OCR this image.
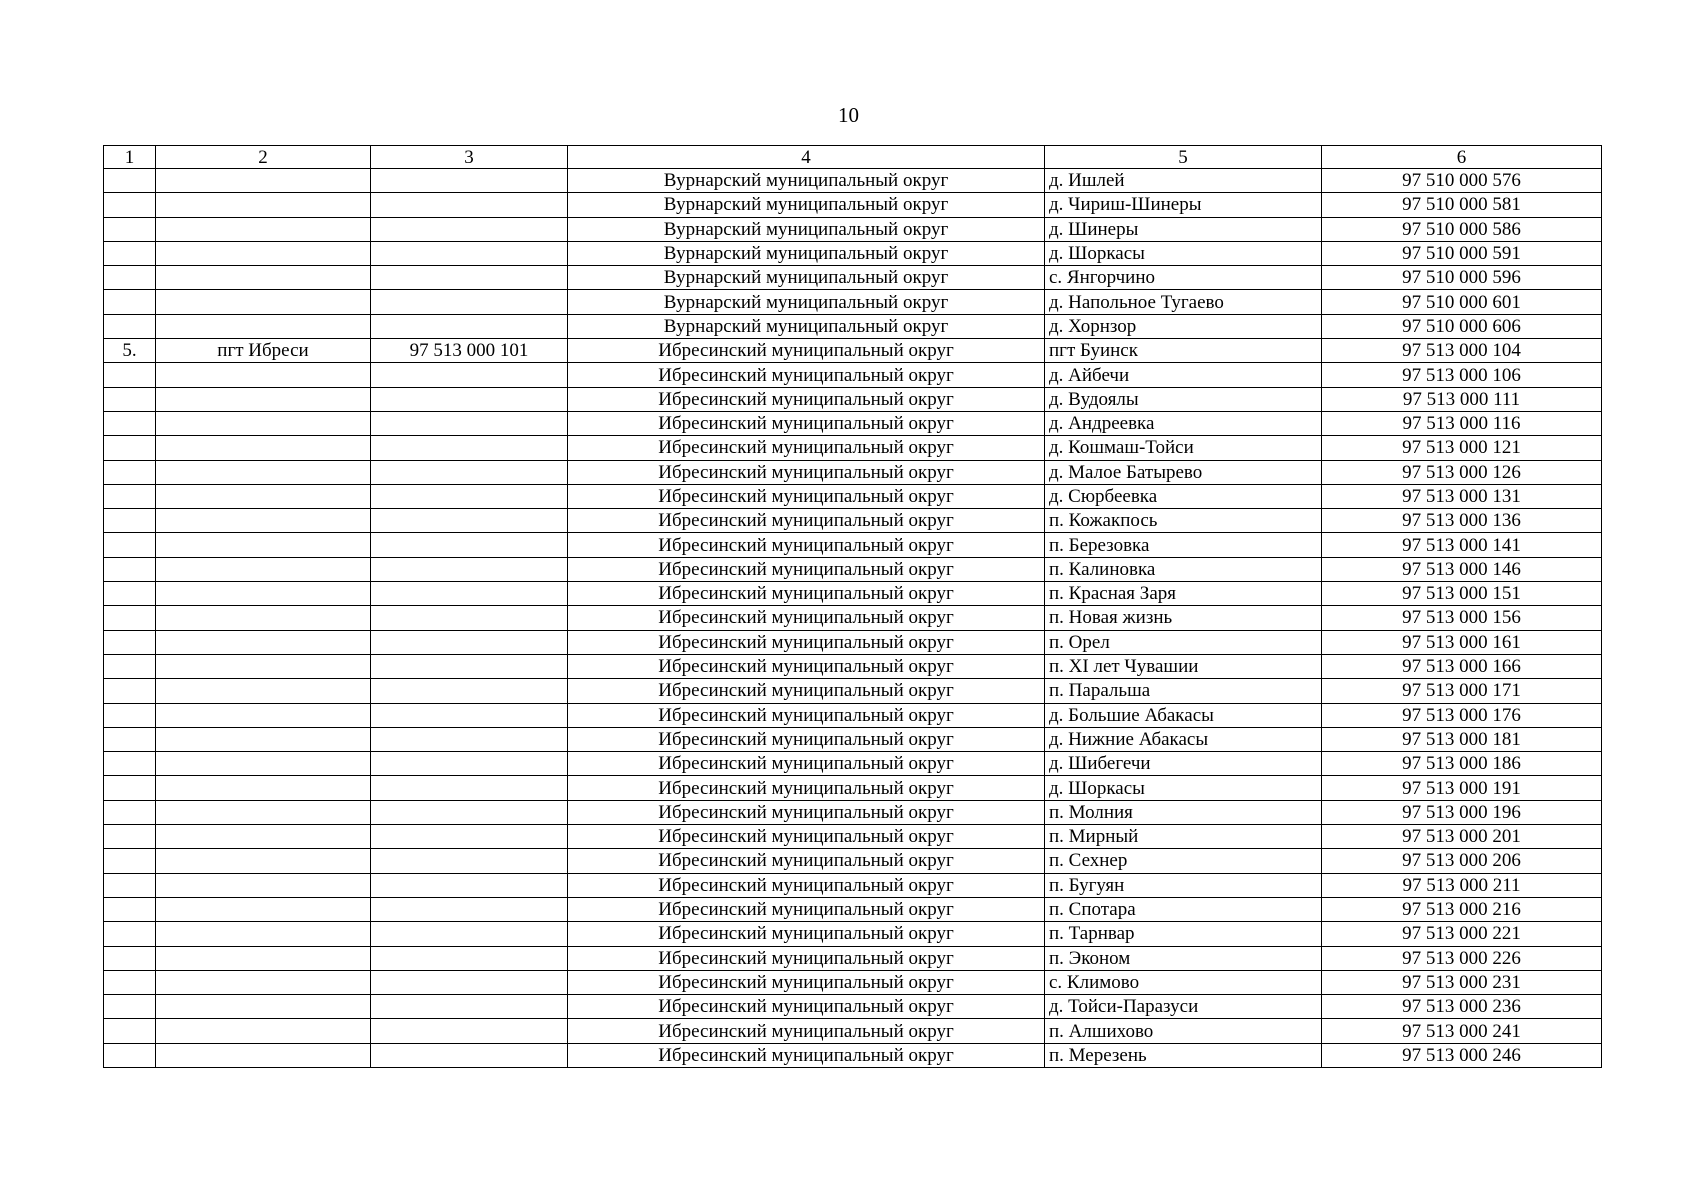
10
1	2	3	4	5	6
			Вурнарский муниципальный округ	д. Ишлей	97 510 000 576
			Вурнарский муниципальный округ	д. Чириш-Шинеры	97 510 000 581
			Вурнарский муниципальный округ	д. Шинеры	97 510 000 586
			Вурнарский муниципальный округ	д. Шоркасы	97 510 000 591
			Вурнарский муниципальный округ	с. Янгорчино	97 510 000 596
			Вурнарский муниципальный округ	д. Напольное Тугаево	97 510 000 601
			Вурнарский муниципальный округ	д. Хорнзор	97 510 000 606
5.	пгт Ибреси	97 513 000 101	Ибресинский муниципальный округ	пгт Буинск	97 513 000 104
			Ибресинский муниципальный округ	д. Айбечи	97 513 000 106
			Ибресинский муниципальный округ	д. Вудоялы	97 513 000 111
			Ибресинский муниципальный округ	д. Андреевка	97 513 000 116
			Ибресинский муниципальный округ	д. Кошмаш-Тойси	97 513 000 121
			Ибресинский муниципальный округ	д. Малое Батырево	97 513 000 126
			Ибресинский муниципальный округ	д. Сюрбеевка	97 513 000 131
			Ибресинский муниципальный округ	п. Кожакпось	97 513 000 136
			Ибресинский муниципальный округ	п. Березовка	97 513 000 141
			Ибресинский муниципальный округ	п. Калиновка	97 513 000 146
			Ибресинский муниципальный округ	п. Красная Заря	97 513 000 151
			Ибресинский муниципальный округ	п. Новая жизнь	97 513 000 156
			Ибресинский муниципальный округ	п. Орел	97 513 000 161
			Ибресинский муниципальный округ	п. XI лет Чувашии	97 513 000 166
			Ибресинский муниципальный округ	п. Паральша	97 513 000 171
			Ибресинский муниципальный округ	д. Большие Абакасы	97 513 000 176
			Ибресинский муниципальный округ	д. Нижние Абакасы	97 513 000 181
			Ибресинский муниципальный округ	д. Шибегечи	97 513 000 186
			Ибресинский муниципальный округ	д. Шоркасы	97 513 000 191
			Ибресинский муниципальный округ	п. Молния	97 513 000 196
			Ибресинский муниципальный округ	п. Мирный	97 513 000 201
			Ибресинский муниципальный округ	п. Сехнер	97 513 000 206
			Ибресинский муниципальный округ	п. Бугуян	97 513 000 211
			Ибресинский муниципальный округ	п. Спотара	97 513 000 216
			Ибресинский муниципальный округ	п. Тарнвар	97 513 000 221
			Ибресинский муниципальный округ	п. Эконом	97 513 000 226
			Ибресинский муниципальный округ	с. Климово	97 513 000 231
			Ибресинский муниципальный округ	д. Тойси-Паразуси	97 513 000 236
			Ибресинский муниципальный округ	п. Алшихово	97 513 000 241
			Ибресинский муниципальный округ	п. Мерезень	97 513 000 246
